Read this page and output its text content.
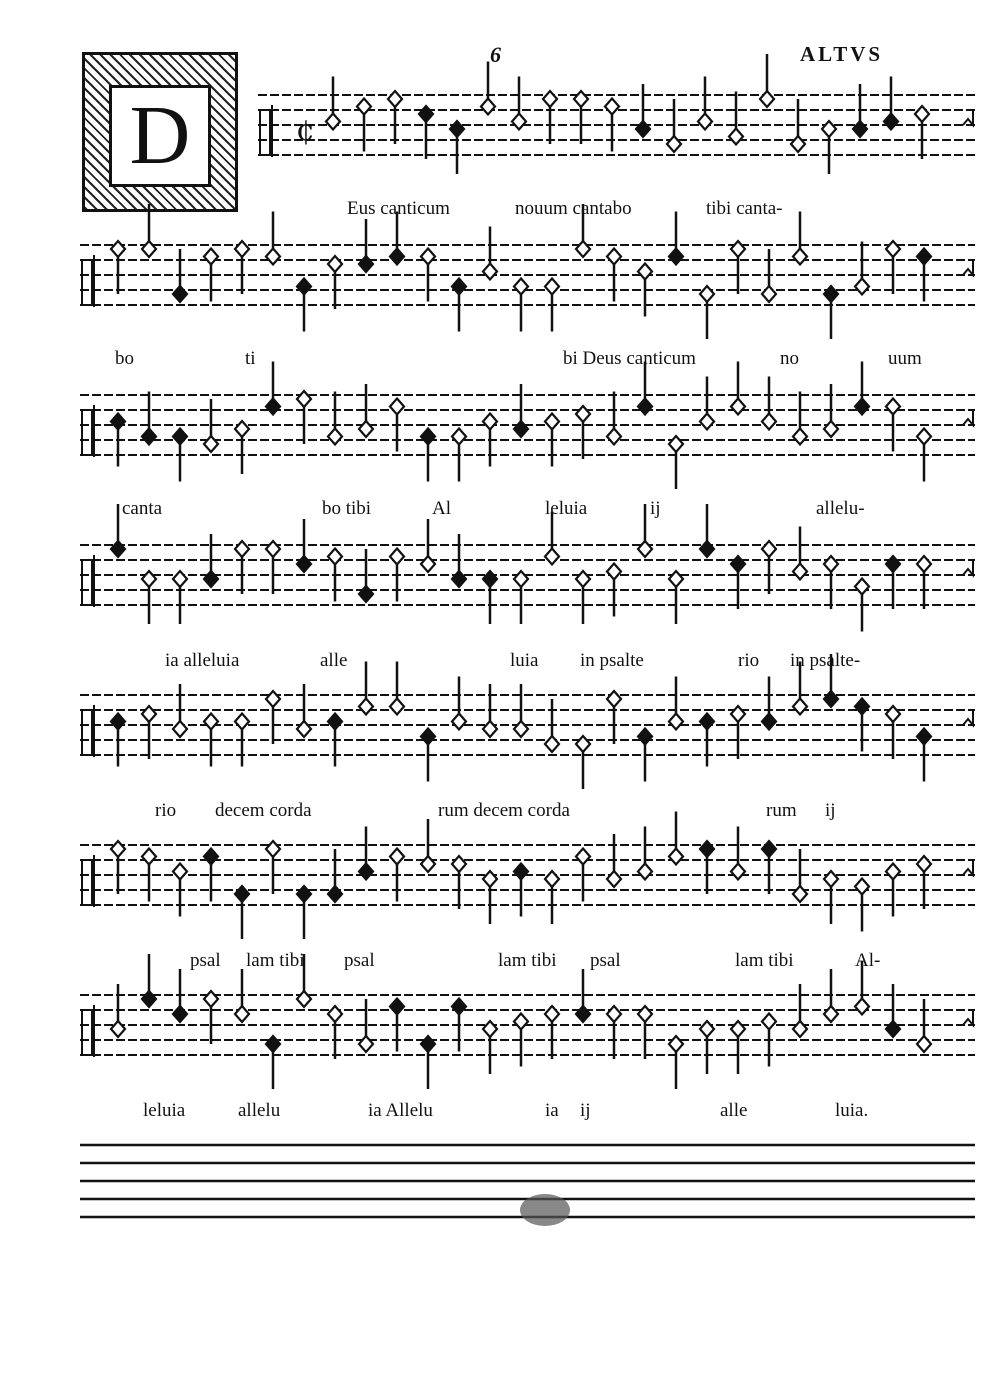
6	ALTVS
D	¢
Eus canticum	nouum cantabo	tibi canta-
bo	ti	bi Deus canticum	no	uum
canta	bo tibi	Al	leluia	ij	allelu-
ia alleluia	alle	luia in psalte	rio in psalte-
rio decem corda	rum decem corda	rum ij
psal lam tibi psal	lam tibi psal	lam tibi	Al-
leluia	allelu	ia Allelu	ia ij	alle	luia.
